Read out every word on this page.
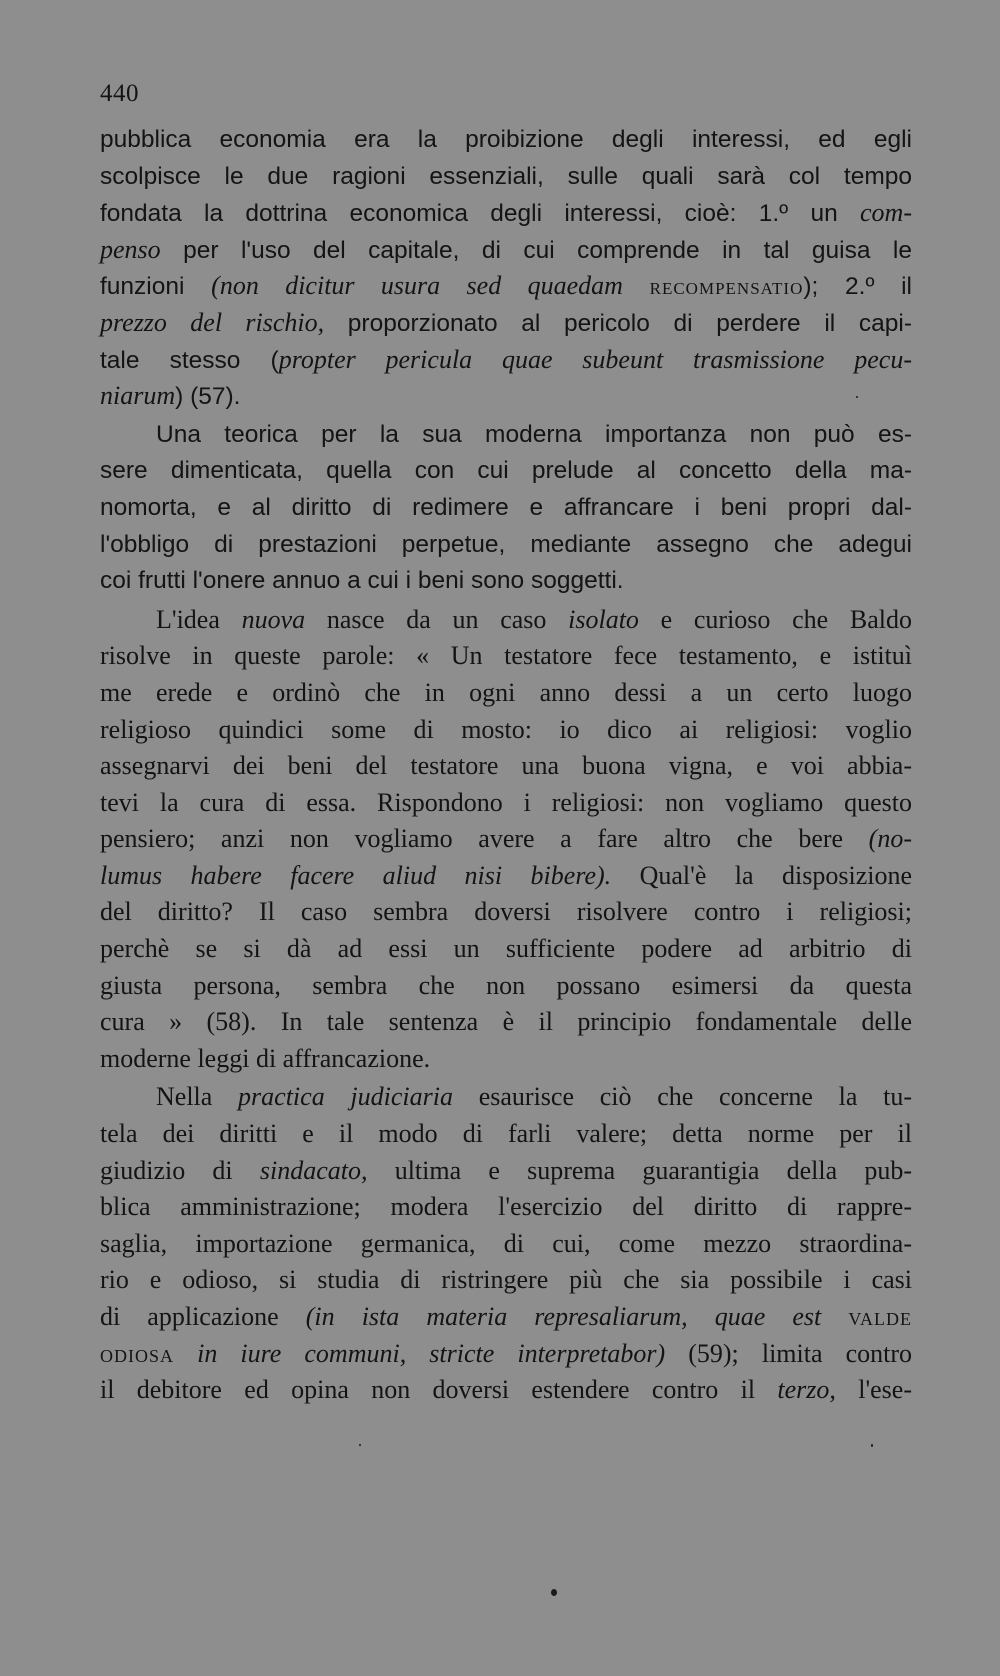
440
pubblica economia era la proibizione degli interessi, ed egli
scolpisce le due ragioni essenziali, sulle quali sarà col tempo
fondata la dottrina economica degli interessi, cioè: 1.º un com-
penso per l'uso del capitale, di cui comprende in tal guisa le
funzioni (non dicitur usura sed quaedam recompensatio); 2.º il
prezzo del rischio, proporzionato al pericolo di perdere il capi-
tale stesso (propter pericula quae subeunt trasmissione pecu-
niarum) (57).
Una teorica per la sua moderna importanza non può es-
sere dimenticata, quella con cui prelude al concetto della ma-
nomorta, e al diritto di redimere e affrancare i beni propri dal-
l'obbligo di prestazioni perpetue, mediante assegno che adegui
coi frutti l'onere annuo a cui i beni sono soggetti.
L'idea nuova nasce da un caso isolato e curioso che Baldo
risolve in queste parole: « Un testatore fece testamento, e istituì
me erede e ordinò che in ogni anno dessi a un certo luogo
religioso quindici some di mosto: io dico ai religiosi: voglio
assegnarvi dei beni del testatore una buona vigna, e voi abbia-
tevi la cura di essa. Rispondono i religiosi: non vogliamo questo
pensiero; anzi non vogliamo avere a fare altro che bere (no-
lumus habere facere aliud nisi bibere). Qual'è la disposizione
del diritto? Il caso sembra doversi risolvere contro i religiosi;
perchè se si dà ad essi un sufficiente podere ad arbitrio di
giusta persona, sembra che non possano esimersi da questa
cura » (58). In tale sentenza è il principio fondamentale delle
moderne leggi di affrancazione.
Nella practica judiciaria esaurisce ciò che concerne la tu-
tela dei diritti e il modo di farli valere; detta norme per il
giudizio di sindacato, ultima e suprema guarantigia della pub-
blica amministrazione; modera l'esercizio del diritto di rappre-
saglia, importazione germanica, di cui, come mezzo straordina-
rio e odioso, si studia di ristringere più che sia possibile i casi
di applicazione (in ista materia represaliarum, quae est valde
odiosa in iure communi, stricte interpretabor) (59); limita contro
il debitore ed opina non doversi estendere contro il terzo, l'ese-
